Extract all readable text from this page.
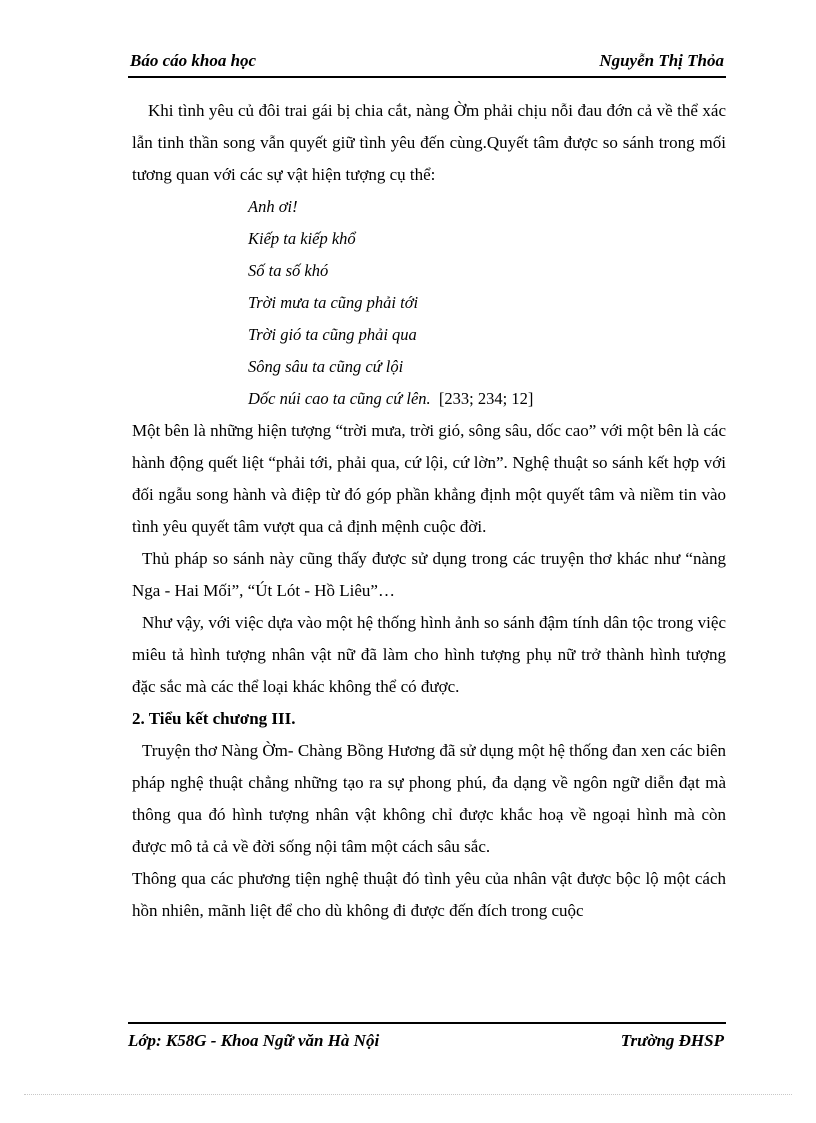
Báo cáo khoa học	Nguyễn Thị Thỏa

Khi tình yêu củ đôi trai gái bị chia cắt, nàng Ờm phải chịu nỗi đau đớn cả về thể xác lẫn tinh thần song vẫn quyết giữ tình yêu đến cùng.Quyết tâm được so sánh trong mối tương quan với các sự vật hiện tượng cụ thể:

Anh ơi!

Kiếp ta kiếp khổ

Số ta số khó

Trời mưa ta cũng phải tới

Trời gió ta cũng phải qua

Sông sâu ta cũng cứ lội

Dốc núi cao ta cũng cứ lên. [233; 234; 12]

Một bên là những hiện tượng “trời mưa, trời gió, sông sâu, dốc cao” với một bên là các hành động quết liệt “phải tới, phải qua, cứ lội, cứ lờn”. Nghệ thuật so sánh kết hợp với đối ngẫu song hành và điệp từ đó góp phần khẳng định một quyết tâm và niềm tin vào tình yêu quyết tâm vượt qua cả định mệnh cuộc đời.

Thủ pháp so sánh này cũng thấy được sử dụng trong các truyện thơ khác như “nàng Nga - Hai Mối”, “Út Lót - Hồ Liêu”…

Như vậy, với việc dựa vào một hệ thống hình ảnh so sánh đậm tính dân tộc trong việc miêu tả hình tượng nhân vật nữ đã làm cho hình tượng phụ nữ trở thành hình tượng đặc sắc mà các thể loại khác không thể có được.

2. Tiểu kết chương III.

Truyện thơ Nàng Ờm- Chàng Bồng Hương đã sử dụng một hệ thống đan xen các biên pháp nghệ thuật chẳng những tạo ra sự phong phú, đa dạng về ngôn ngữ diễn đạt mà thông qua đó hình tượng nhân vật không chỉ được khắc hoạ về ngoại hình mà còn được mô tả cả về đời sống nội tâm một cách sâu sắc.

Thông qua các phương tiện nghệ thuật đó tình yêu của nhân vật được bộc lộ một cách hồn nhiên, mãnh liệt để cho dù không đi được đến đích trong cuộc

Lớp: K58G - Khoa Ngữ văn Hà Nội	Trường ĐHSP
